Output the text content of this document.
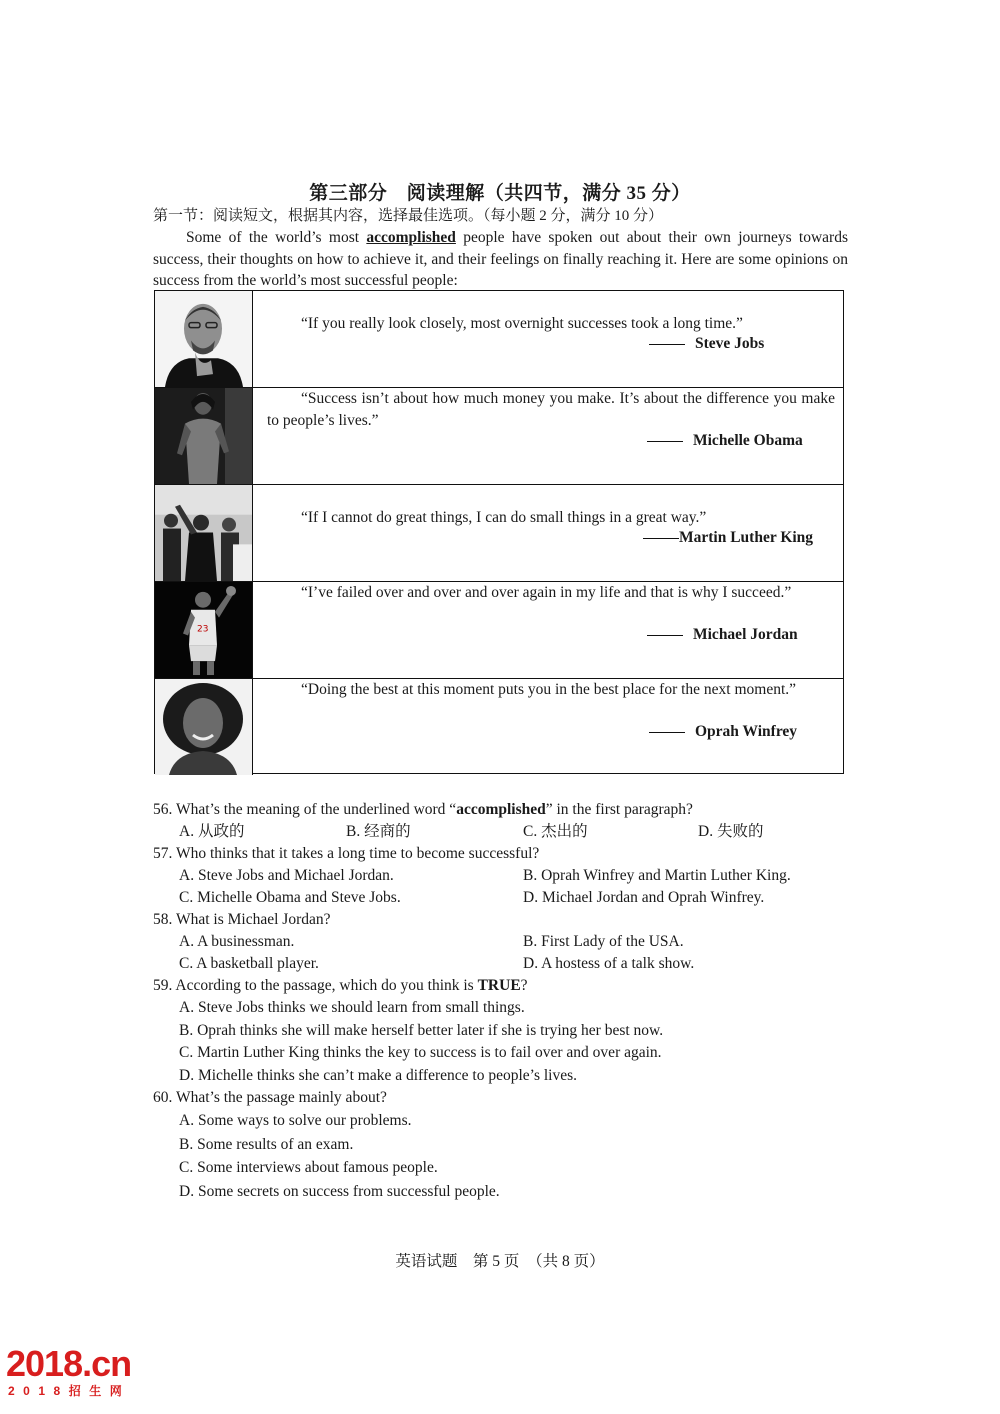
第三部分　阅读理解（共四节，满分 35 分）
第一节：阅读短文，根据其内容，选择最佳选项。（每小题 2 分，满分 10 分）
Some of the world’s most accomplished people have spoken out about their own journeys towards success, their thoughts on how to achieve it, and their feelings on finally reaching it. Here are some opinions on success from the world’s most successful people:
“If you really look closely, most overnight successes took a long time.”
Steve Jobs
“Success isn’t about how much money you make. It’s about the difference you make to people’s lives.”
Michelle Obama
“If I cannot do great things, I can do small things in a great way.”
Martin Luther King
23
“I’ve failed over and over and over again in my life and that is why I succeed.”
Michael Jordan
“Doing the best at this moment puts you in the best place for the next moment.”
Oprah Winfrey
56. What’s the meaning of the underlined word “accomplished” in the first paragraph?
A. 从政的	B. 经商的	C. 杰出的	D. 失败的
57. Who thinks that it takes a long time to become successful?
A. Steve Jobs and Michael Jordan.	B. Oprah Winfrey and Martin Luther King.
C. Michelle Obama and Steve Jobs.	D. Michael Jordan and Oprah Winfrey.
58. What is Michael Jordan?
A. A businessman.	B. First Lady of the USA.
C. A basketball player.	D. A hostess of a talk show.
59. According to the passage, which do you think is TRUE?
A. Steve Jobs thinks we should learn from small things.
B. Oprah thinks she will make herself better later if she is trying her best now.
C. Martin Luther King thinks the key to success is to fail over and over again.
D. Michelle thinks she can’t make a difference to people’s lives.
60. What’s the passage mainly about?
A. Some ways to solve our problems.
B. Some results of an exam.
C. Some interviews about famous people.
D. Some secrets on success from successful people.
英语试题　第 5 页　（共 8 页）
2018.cn
2018招生网
